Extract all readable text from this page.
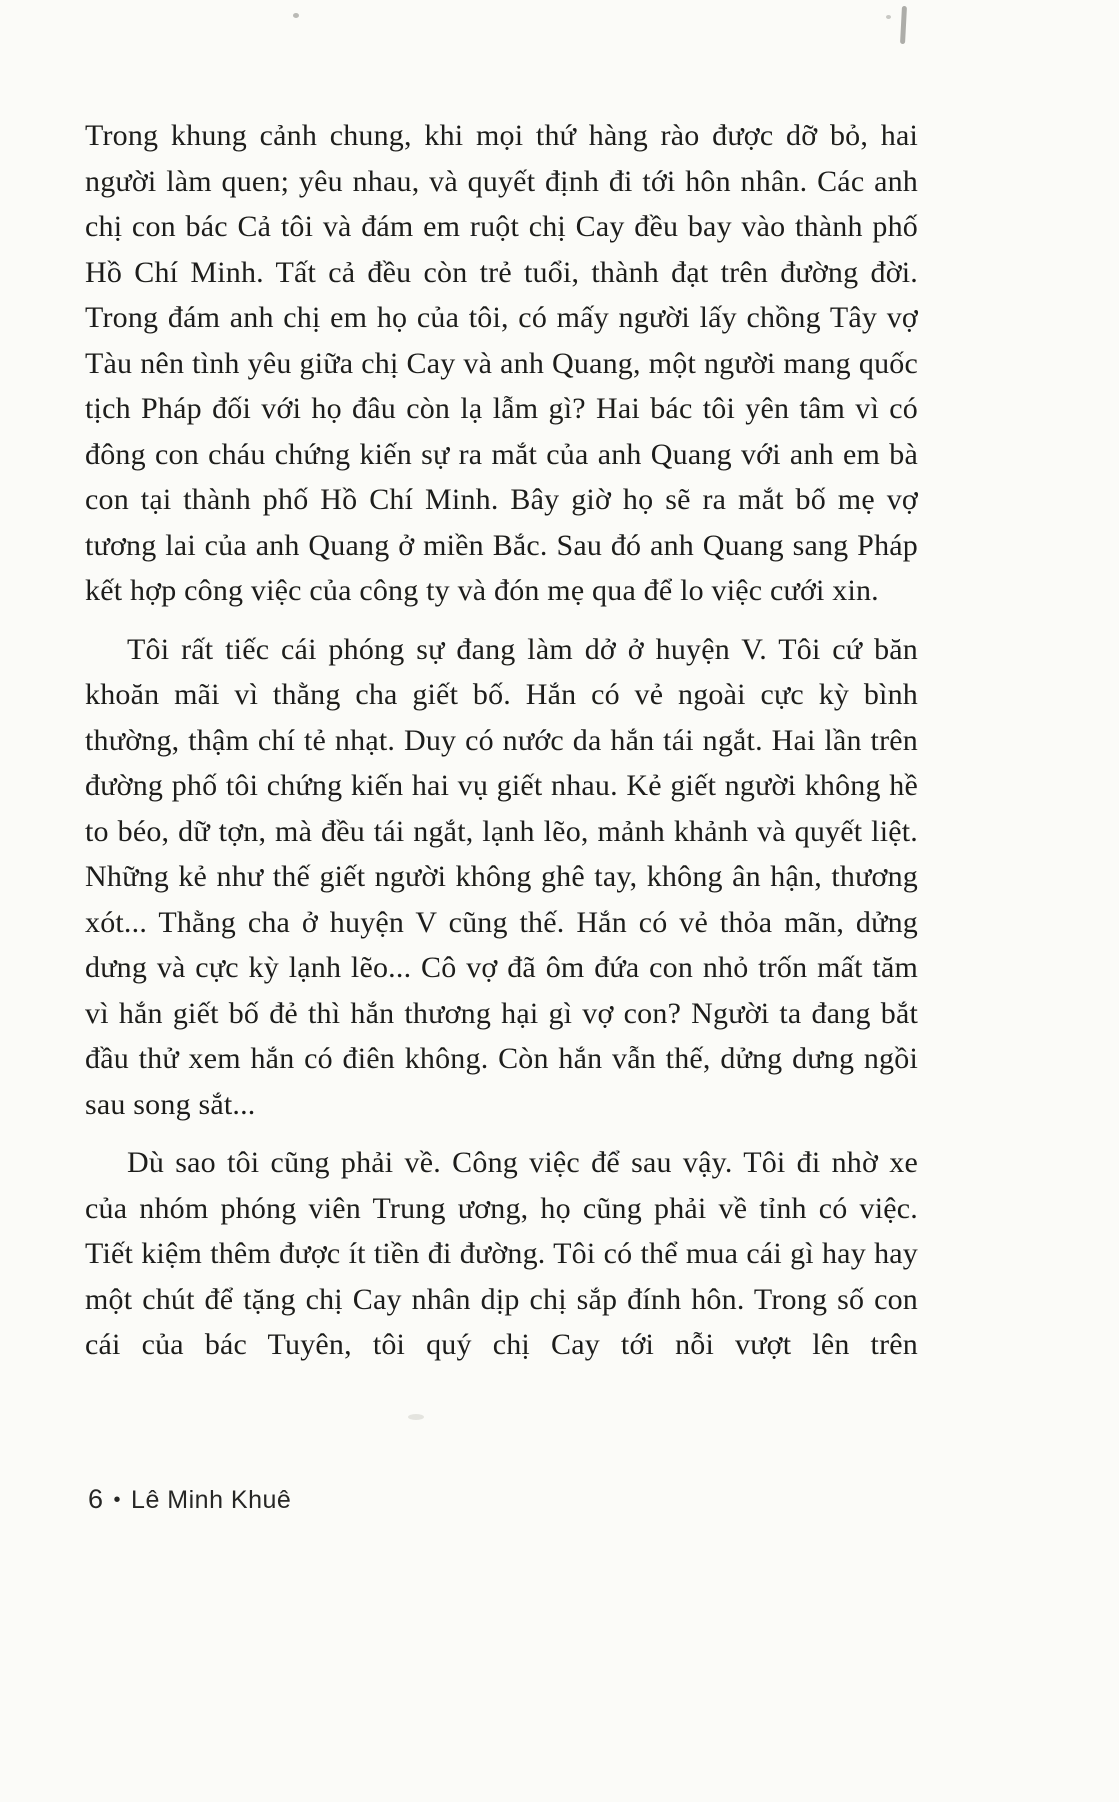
Trong khung cảnh chung, khi mọi thứ hàng rào được dỡ bỏ, hai người làm quen; yêu nhau, và quyết định đi tới hôn nhân. Các anh chị con bác Cả tôi và đám em ruột chị Cay đều bay vào thành phố Hồ Chí Minh. Tất cả đều còn trẻ tuổi, thành đạt trên đường đời. Trong đám anh chị em họ của tôi, có mấy người lấy chồng Tây vợ Tàu nên tình yêu giữa chị Cay và anh Quang, một người mang quốc tịch Pháp đối với họ đâu còn lạ lẫm gì? Hai bác tôi yên tâm vì có đông con cháu chứng kiến sự ra mắt của anh Quang với anh em bà con tại thành phố Hồ Chí Minh. Bây giờ họ sẽ ra mắt bố mẹ vợ tương lai của anh Quang ở miền Bắc. Sau đó anh Quang sang Pháp kết hợp công việc của công ty và đón mẹ qua để lo việc cưới xin.

Tôi rất tiếc cái phóng sự đang làm dở ở huyện V. Tôi cứ băn khoăn mãi vì thằng cha giết bố. Hắn có vẻ ngoài cực kỳ bình thường, thậm chí tẻ nhạt. Duy có nước da hắn tái ngắt. Hai lần trên đường phố tôi chứng kiến hai vụ giết nhau. Kẻ giết người không hề to béo, dữ tợn, mà đều tái ngắt, lạnh lẽo, mảnh khảnh và quyết liệt. Những kẻ như thế giết người không ghê tay, không ân hận, thương xót... Thằng cha ở huyện V cũng thế. Hắn có vẻ thỏa mãn, dửng dưng và cực kỳ lạnh lẽo... Cô vợ đã ôm đứa con nhỏ trốn mất tăm vì hắn giết bố đẻ thì hắn thương hại gì vợ con? Người ta đang bắt đầu thử xem hắn có điên không. Còn hắn vẫn thế, dửng dưng ngồi sau song sắt...

Dù sao tôi cũng phải về. Công việc để sau vậy. Tôi đi nhờ xe của nhóm phóng viên Trung ương, họ cũng phải về tỉnh có việc. Tiết kiệm thêm được ít tiền đi đường. Tôi có thể mua cái gì hay hay một chút để tặng chị Cay nhân dịp chị sắp đính hôn. Trong số con cái của bác Tuyên, tôi quý chị Cay tới nỗi vượt lên trên

6 • Lê Minh Khuê
